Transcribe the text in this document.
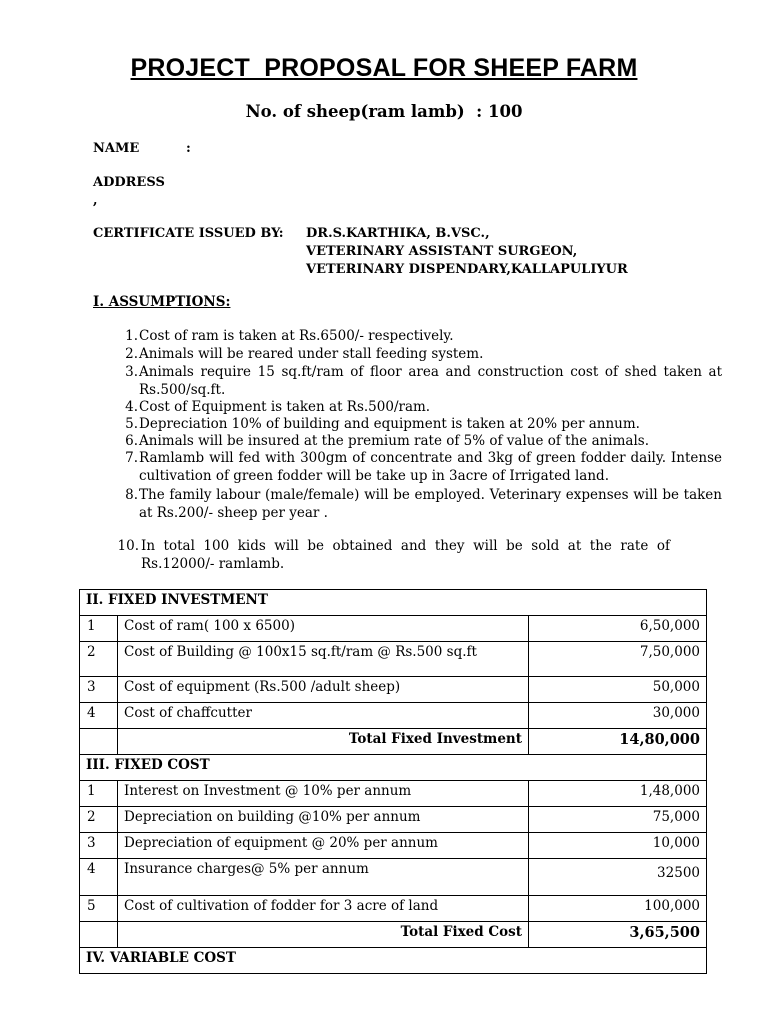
PROJECT  PROPOSAL FOR SHEEP FARM
No. of sheep(ram lamb)  : 100
NAME	:
ADDRESS
,
CERTIFICATE ISSUED BY: DR.S.KARTHIKA, B.VSC.,
VETERINARY ASSISTANT SURGEON,
VETERINARY DISPENDARY,KALLAPULIYUR
I. ASSUMPTIONS:
1. Cost of ram is taken at Rs.6500/- respectively.
2. Animals will be reared under stall feeding system.
3. Animals require 15 sq.ft/ram of floor area and construction cost of shed taken at Rs.500/sq.ft.
4. Cost of Equipment is taken at Rs.500/ram.
5. Depreciation 10% of building and equipment is taken at 20% per annum.
6. Animals will be insured at the premium rate of 5% of value of the animals.
7. Ramlamb will fed with 300gm of concentrate and 3kg of green fodder daily. Intense cultivation of green fodder will be take up in 3acre of Irrigated land.
8. The family labour (male/female) will be employed. Veterinary expenses will be taken at Rs.200/- sheep per year .
10. In total 100 kids will be obtained and they will be sold at the rate of Rs.12000/- ramlamb.
II. FIXED INVESTMENT		
1	Cost of ram( 100 x 6500)	6,50,000
2	Cost of Building @ 100x15 sq.ft/ram @ Rs.500 sq.ft	7,50,000
3	Cost of equipment (Rs.500 /adult sheep)	50,000
4	Cost of chaffcutter	30,000
	Total Fixed Investment	14,80,000
III. FIXED COST		
1	Interest on Investment @ 10% per annum	1,48,000
2	Depreciation on building @10% per annum	75,000
3	Depreciation of equipment @ 20% per annum	10,000
4	Insurance charges@ 5% per annum	32500
5	Cost of cultivation of fodder for 3 acre of land	100,000
	Total Fixed Cost	3,65,500
IV. VARIABLE COST		
